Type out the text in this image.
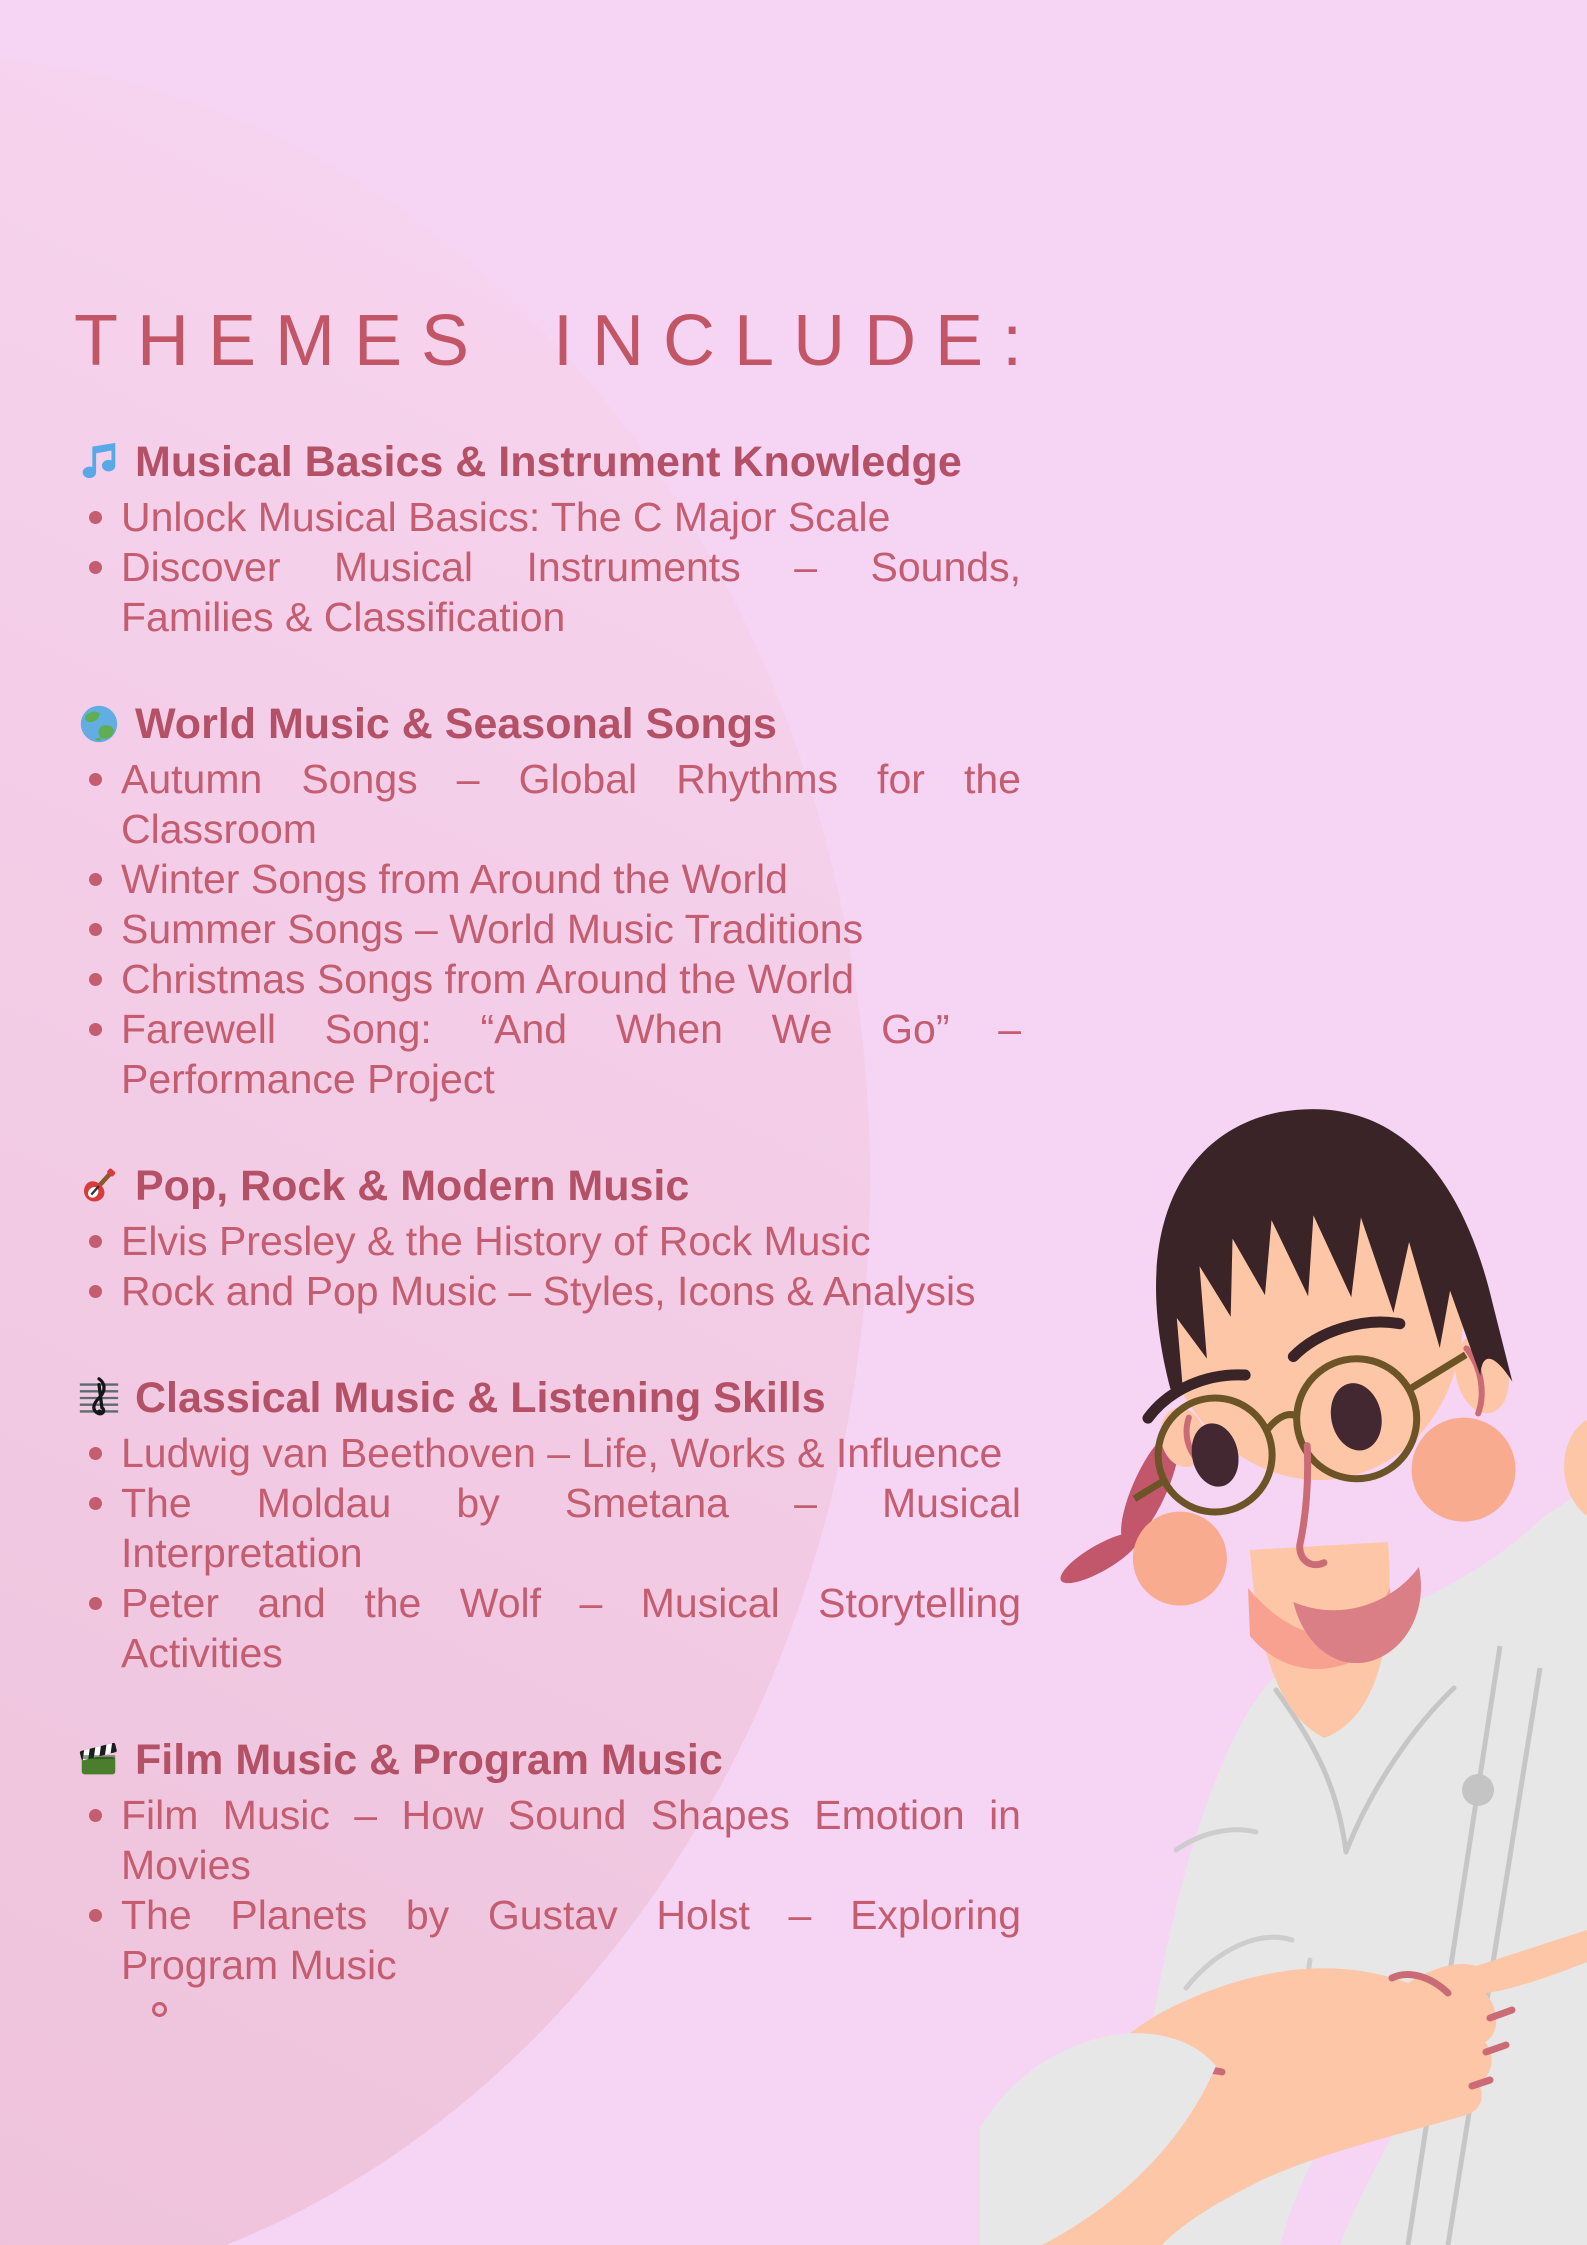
THEMES INCLUDE:
Musical Basics & Instrument Knowledge
Unlock Musical Basics: The C Major Scale
Discover Musical Instruments – Sounds,
Families & Classification
World Music & Seasonal Songs
Autumn Songs – Global Rhythms for the
Classroom
Winter Songs from Around the World
Summer Songs – World Music Traditions
Christmas Songs from Around the World
Farewell Song: “And When We Go” –
Performance Project
Pop, Rock & Modern Music
Elvis Presley & the History of Rock Music
Rock and Pop Music – Styles, Icons & Analysis
Classical Music & Listening Skills
Ludwig van Beethoven – Life, Works & Influence
The Moldau by Smetana – Musical
Interpretation
Peter and the Wolf – Musical Storytelling
Activities
Film Music & Program Music
Film Music – How Sound Shapes Emotion in
Movies
The Planets by Gustav Holst – Exploring
Program Music
